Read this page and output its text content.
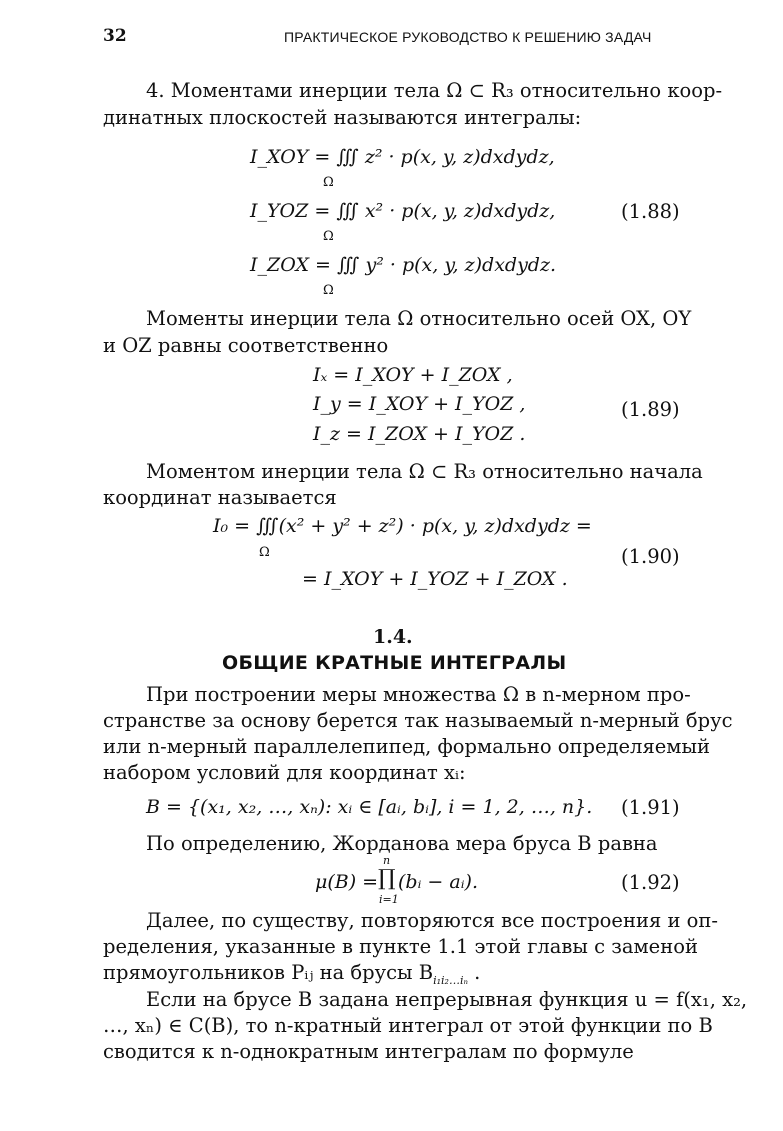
32	ПРАКТИЧЕСКОЕ РУКОВОДСТВО К РЕШЕНИЮ ЗАДАЧ
4. Моментами инерции тела Ω ⊂ R₃ относительно коор-
динатных плоскостей называются интегралы:
I_XOY = ∭ z² · p(x, y, z)dxdydz,
Ω
I_YOZ = ∭ x² · p(x, y, z)dxdydz,
Ω
(1.88)
I_ZOX = ∭ y² · p(x, y, z)dxdydz.
Ω
Моменты инерции тела Ω относительно осей OX, OY
и OZ равны соответственно
Iₓ = I_XOY + I_ZOX ,
I_y = I_XOY + I_YOZ ,	(1.89)
I_z = I_ZOX + I_YOZ .
Моментом инерции тела Ω ⊂ R₃ относительно начала
координат называется
I₀ = ∭(x² + y² + z²) · p(x, y, z)dxdydz =
Ω	(1.90)
= I_XOY + I_YOZ + I_ZOX .
1.4.
ОБЩИЕ КРАТНЫЕ ИНТЕГРАЛЫ
При построении меры множества Ω в n-мерном про-
странстве за основу берется так называемый n-мерный брус
или n-мерный параллелепипед, формально определяемый
набором условий для координат xᵢ:
B = {(x₁, x₂, …, xₙ): xᵢ ∈ [aᵢ, bᵢ], i = 1, 2, …, n}. (1.91)
По определению, Жорданова мера бруса B равна
μ(B) =
n
∏
i=1
(bᵢ − aᵢ).	(1.92)
Далее, по существу, повторяются все построения и оп-
ределения, указанные в пункте 1.1 этой главы с заменой
прямоугольников Pᵢⱼ на брусы $B_{i_1i_2\dots i_n}$ .
Если на брусе B задана непрерывная функция u = f(x₁, x₂,
…, xₙ) ∈ C(B), то n-кратный интеграл от этой функции по B
сводится к n-однократным интегралам по формуле
